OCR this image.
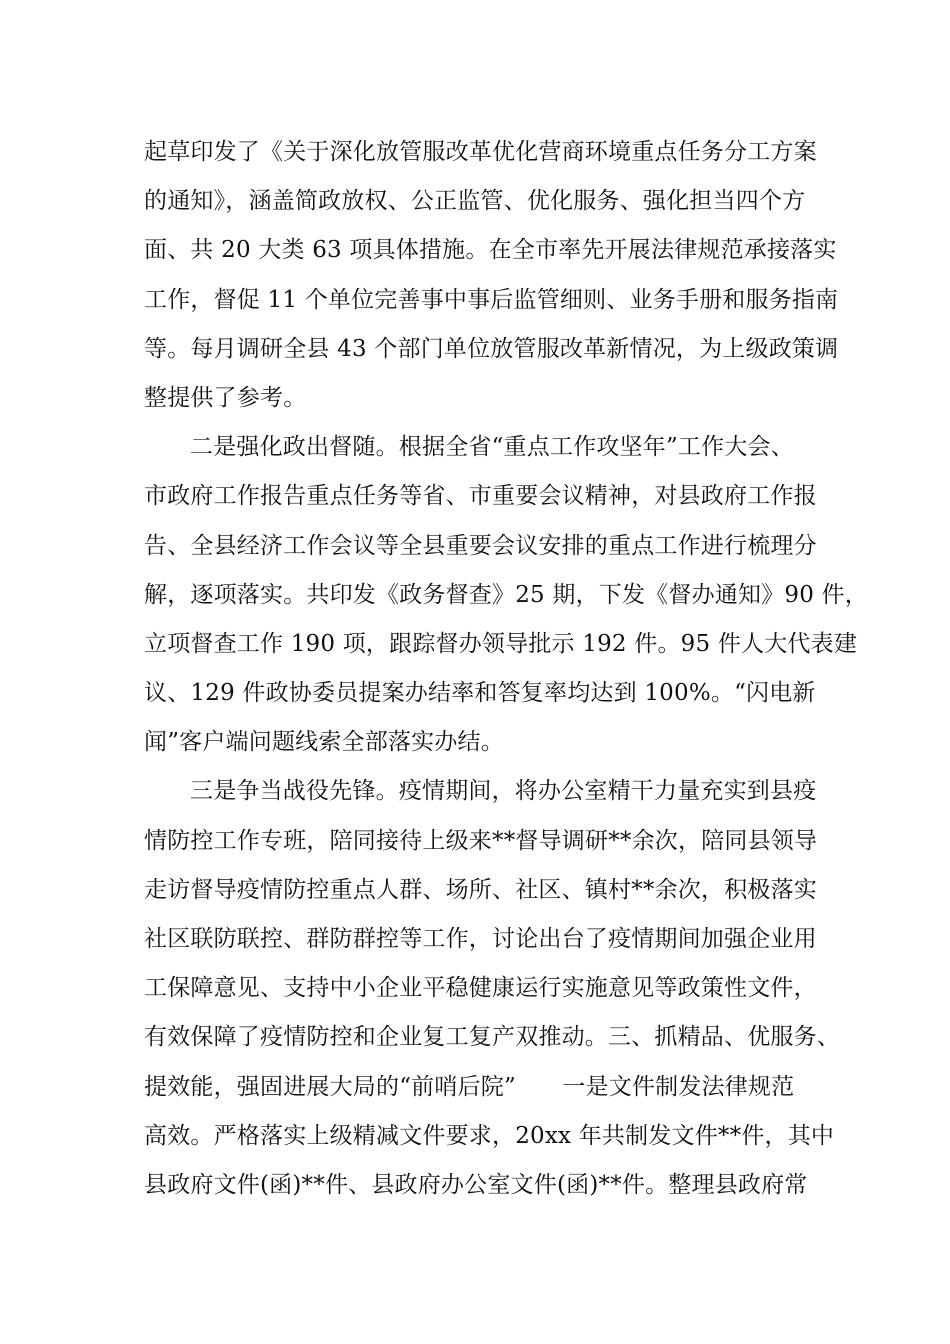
起草印发了《关于深化放管服改革优化营商环境重点任务分工方案
的通知》，涵盖简政放权、公正监管、优化服务、强化担当四个方
面、共 20 大类 63 项具体措施。在全市率先开展法律规范承接落实
工作，督促 11 个单位完善事中事后监管细则、业务手册和服务指南
等。每月调研全县 43 个部门单位放管服改革新情况，为上级政策调
整提供了参考。
二是强化政出督随。根据全省“重点工作攻坚年”工作大会、
市政府工作报告重点任务等省、市重要会议精神，对县政府工作报
告、全县经济工作会议等全县重要会议安排的重点工作进行梳理分
解，逐项落实。共印发《政务督查》25 期，下发《督办通知》90 件，
立项督查工作 190 项，跟踪督办领导批示 192 件。95 件人大代表建
议、129 件政协委员提案办结率和答复率均达到 100%。“闪电新
闻”客户端问题线索全部落实办结。
三是争当战役先锋。疫情期间，将办公室精干力量充实到县疫
情防控工作专班，陪同接待上级来**督导调研**余次，陪同县领导
走访督导疫情防控重点人群、场所、社区、镇村**余次，积极落实
社区联防联控、群防群控等工作，讨论出台了疫情期间加强企业用
工保障意见、支持中小企业平稳健康运行实施意见等政策性文件，
有效保障了疫情防控和企业复工复产双推动。三、抓精品、优服务、
提效能，强固进展大局的“前哨后院”　　一是文件制发法律规范
高效。严格落实上级精减文件要求，20xx 年共制发文件**件，其中
县政府文件(函)**件、县政府办公室文件(函)**件。整理县政府常
